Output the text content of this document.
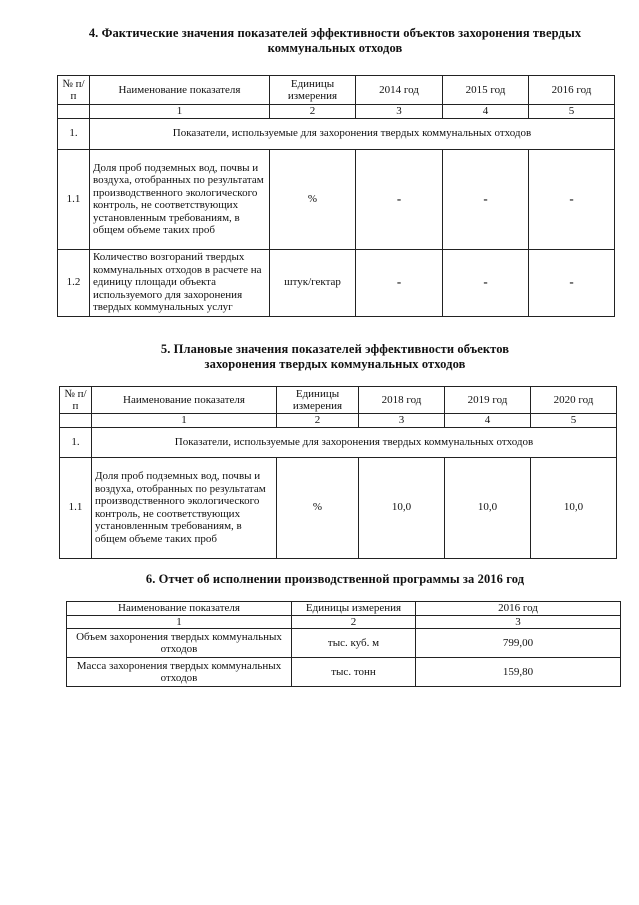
4. Фактические значения показателей эффективности объектов захоронения твердых
коммунальных отходов
№ п/п	Наименование показателя	Единицы измерения	2014 год	2015 год	2016 год
	1	2	3	4	5
1.	Показатели, используемые для захоронения твердых коммунальных отходов				
1.1	Доля проб подземных вод, почвы и воздуха, отобранных по результатам производственного экологического контроль, не соответствующих установленным требованиям, в общем объеме таких проб	%	-	-	-
1.2	Количество возгораний твердых коммунальных отходов в расчете на единицу площади объекта используемого для захоронения твердых коммунальных услуг	штук/гектар	-	-	-
5. Плановые значения показателей эффективности объектов
захоронения твердых коммунальных отходов
№ п/п	Наименование показателя	Единицы измерения	2018 год	2019 год	2020 год
	1	2	3	4	5
1.	Показатели, используемые для захоронения твердых коммунальных отходов				
1.1	Доля проб подземных вод, почвы и воздуха, отобранных по результатам производственного экологического контроль, не соответствующих установленным требованиям, в общем объеме таких проб	%	10,0	10,0	10,0
6. Отчет об исполнении производственной программы за 2016 год
Наименование показателя	Единицы измерения	2016 год
1	2	3
Объем захоронения твердых коммунальных отходов	тыс. куб. м	799,00
Масса захоронения твердых коммунальных отходов	тыс. тонн	159,80
